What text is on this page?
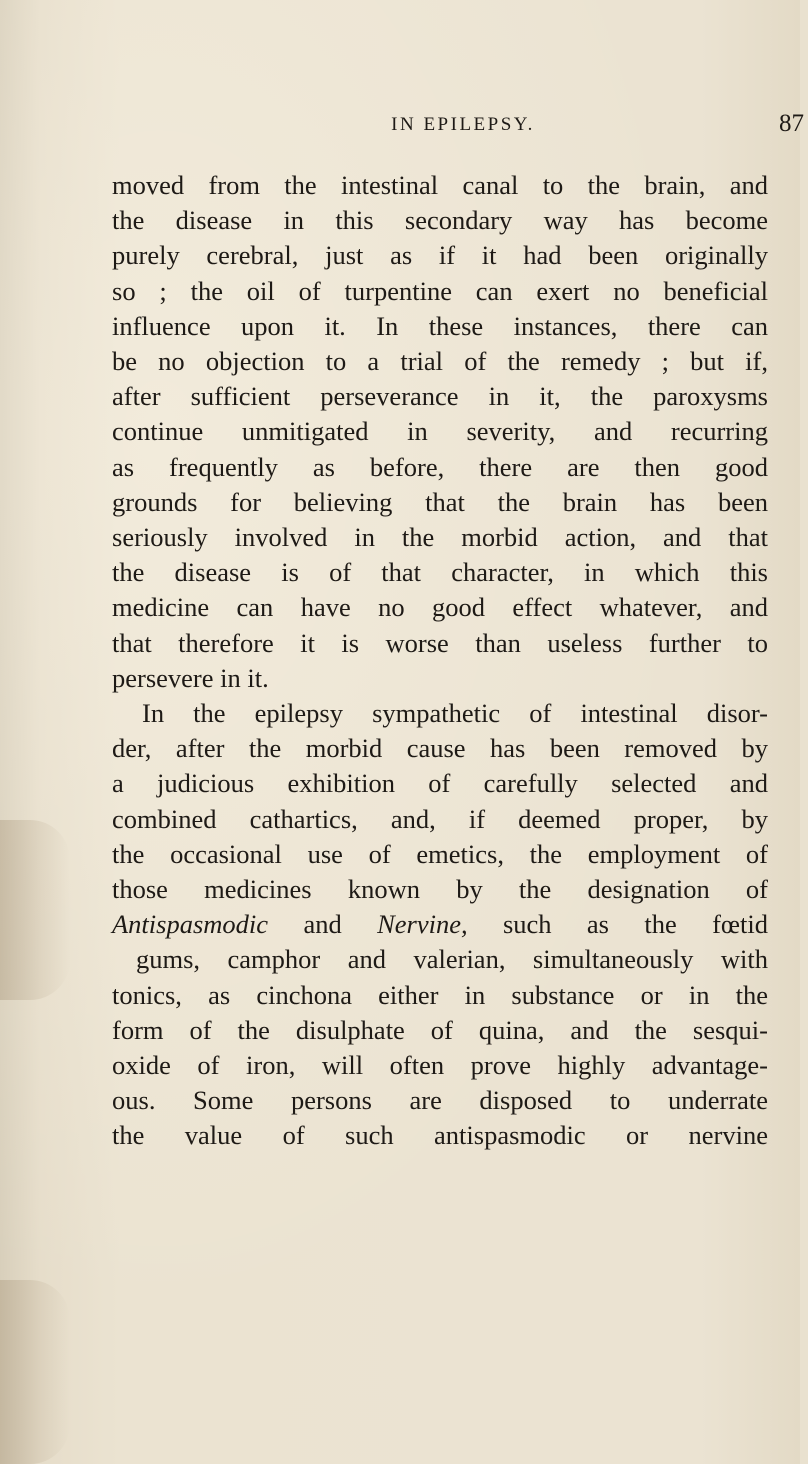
IN EPILEPSY.	87
moved from the intestinal canal to the brain, and
the disease in this secondary way has become
purely cerebral, just as if it had been originally
so ; the oil of turpentine can exert no beneficial
influence upon it. In these instances, there can
be no objection to a trial of the remedy ; but if,
after sufficient perseverance in it, the paroxysms
continue unmitigated in severity, and recurring
as frequently as before, there are then good
grounds for believing that the brain has been
seriously involved in the morbid action, and that
the disease is of that character, in which this
medicine can have no good effect whatever, and
that therefore it is worse than useless further to
persevere in it.
In the epilepsy sympathetic of intestinal disor-
der, after the morbid cause has been removed by
a judicious exhibition of carefully selected and
combined cathartics, and, if deemed proper, by
the occasional use of emetics, the employment of
those medicines known by the designation of
Antispasmodic and Nervine, such as the fœtid
gums, camphor and valerian, simultaneously with
tonics, as cinchona either in substance or in the
form of the disulphate of quina, and the sesqui-
oxide of iron, will often prove highly advantage-
ous. Some persons are disposed to underrate
the value of such antispasmodic or nervine
